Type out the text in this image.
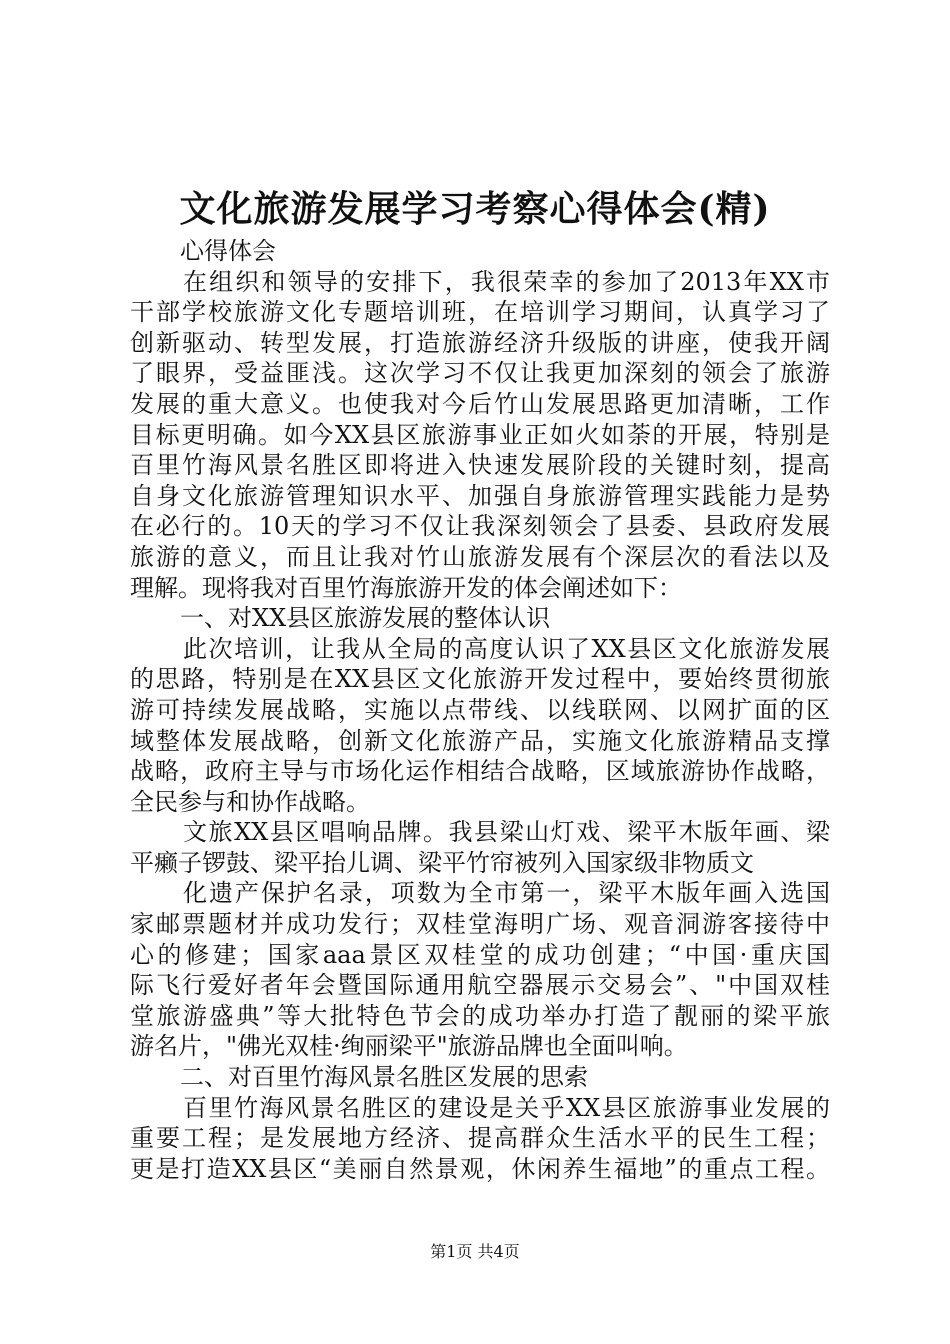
文化旅游发展学习考察心得体会(精)
心得体会
在组织和领导的安排下，我很荣幸的参加了2013年XX市
干部学校旅游文化专题培训班，在培训学习期间，认真学习了
创新驱动、转型发展，打造旅游经济升级版的讲座，使我开阔
了眼界，受益匪浅。这次学习不仅让我更加深刻的领会了旅游
发展的重大意义。也使我对今后竹山发展思路更加清晰，工作
目标更明确。如今XX县区旅游事业正如火如荼的开展，特别是
百里竹海风景名胜区即将进入快速发展阶段的关键时刻，提高
自身文化旅游管理知识水平、加强自身旅游管理实践能力是势
在必行的。10天的学习不仅让我深刻领会了县委、县政府发展
旅游的意义，而且让我对竹山旅游发展有个深层次的看法以及
理解。现将我对百里竹海旅游开发的体会阐述如下：
一、对XX县区旅游发展的整体认识
此次培训，让我从全局的高度认识了XX县区文化旅游发展
的思路，特别是在XX县区文化旅游开发过程中，要始终贯彻旅
游可持续发展战略，实施以点带线、以线联网、以网扩面的区
域整体发展战略，创新文化旅游产品，实施文化旅游精品支撑
战略，政府主导与市场化运作相结合战略，区域旅游协作战略，
全民参与和协作战略。
文旅XX县区唱响品牌。我县梁山灯戏、梁平木版年画、梁
平癞子锣鼓、梁平抬儿调、梁平竹帘被列入国家级非物质文
化遗产保护名录，项数为全市第一，梁平木版年画入选国
家邮票题材并成功发行；双桂堂海明广场、观音洞游客接待中
心的修建；国家aaa景区双桂堂的成功创建；“中国·重庆国
际飞行爱好者年会暨国际通用航空器展示交易会”、"中国双桂
堂旅游盛典”等大批特色节会的成功举办打造了靓丽的梁平旅
游名片，"佛光双桂·绚丽梁平"旅游品牌也全面叫响。
二、对百里竹海风景名胜区发展的思索
百里竹海风景名胜区的建设是关乎XX县区旅游事业发展的
重要工程；是发展地方经济、提高群众生活水平的民生工程；
更是打造XX县区“美丽自然景观，休闲养生福地”的重点工程。
第1页 共4页
